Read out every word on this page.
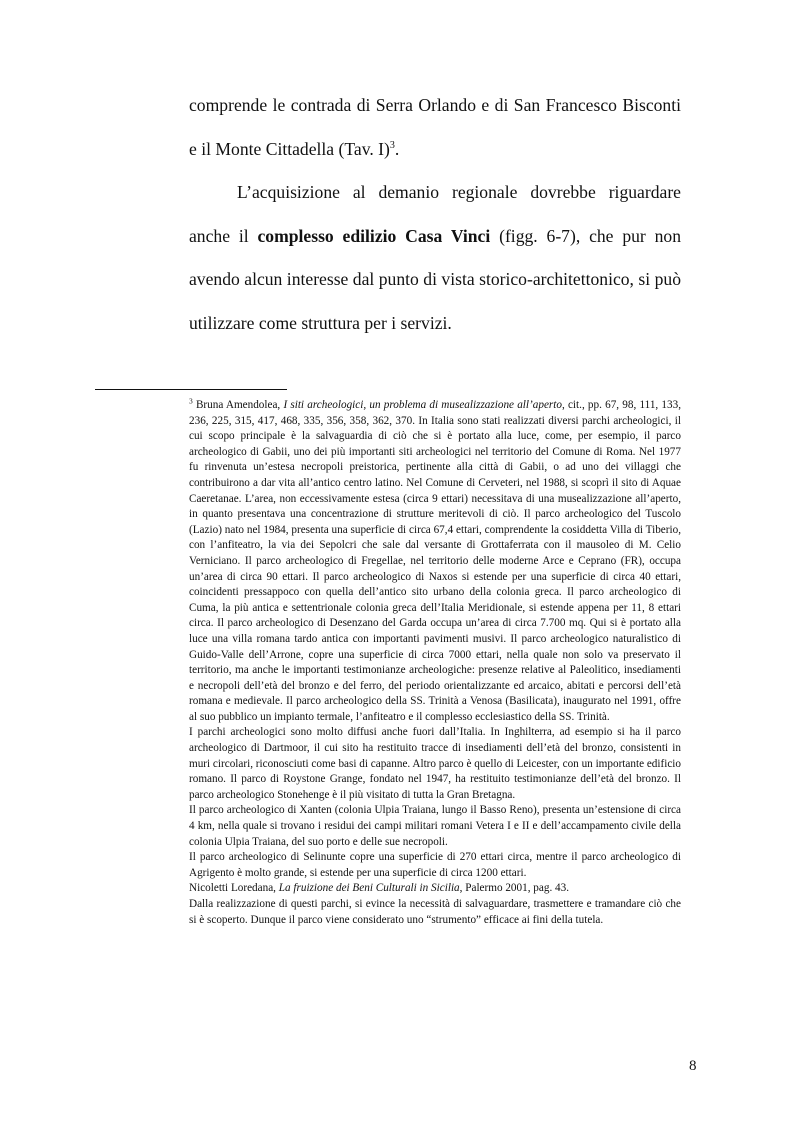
comprende le contrada di Serra Orlando e di San Francesco Bisconti e il Monte Cittadella (Tav. I)$^3$.

L’acquisizione al demanio regionale dovrebbe riguardare anche il complesso edilizio Casa Vinci (figg. 6-7), che pur non avendo alcun interesse dal punto di vista storico-architettonico, si può utilizzare come struttura per i servizi.

$^3$ Bruna Amendolea, I siti archeologici, un problema di musealizzazione all’aperto, cit., pp. 67, 98, 111, 133, 236, 225, 315, 417, 468, 335, 356, 358, 362, 370. In Italia sono stati realizzati diversi parchi archeologici, il cui scopo principale è la salvaguardia di ciò che si è portato alla luce, come, per esempio, il parco archeologico di Gabii, uno dei più importanti siti archeologici nel territorio del Comune di Roma. Nel 1977 fu rinvenuta un’estesa necropoli preistorica, pertinente alla città di Gabii, o ad uno dei villaggi che contribuirono a dar vita all’antico centro latino. Nel Comune di Cerveteri, nel 1988, si scoprì il sito di Aquae Caeretanae. L’area, non eccessivamente estesa (circa 9 ettari) necessitava di una musealizzazione all’aperto, in quanto presentava una concentrazione di strutture meritevoli di ciò. Il parco archeologico del Tuscolo (Lazio) nato nel 1984, presenta una superficie di circa 67,4 ettari, comprendente la cosiddetta Villa di Tiberio, con l’anfiteatro, la via dei Sepolcri che sale dal versante di Grottaferrata con il mausoleo di M. Celio Verniciano. Il parco archeologico di Fregellae, nel territorio delle moderne Arce e Ceprano (FR), occupa un’area di circa 90 ettari. Il parco archeologico di Naxos si estende per una superficie di circa 40 ettari, coincidenti pressappoco con quella dell’antico sito urbano della colonia greca. Il parco archeologico di Cuma, la più antica e settentrionale colonia greca dell’Italia Meridionale, si estende appena per 11, 8 ettari circa. Il parco archeologico di Desenzano del Garda occupa un’area di circa 7.700 mq. Qui si è portato alla luce una villa romana tardo antica con importanti pavimenti musivi. Il parco archeologico naturalistico di Guido-Valle dell’Arrone, copre una superficie di circa 7000 ettari, nella quale non solo va preservato il territorio, ma anche le importanti testimonianze archeologiche: presenze relative al Paleolitico, insediamenti e necropoli dell’età del bronzo e del ferro, del periodo orientalizzante ed arcaico, abitati e percorsi dell’età romana e medievale. Il parco archeologico della SS. Trinità a Venosa (Basilicata), inaugurato nel 1991, offre al suo pubblico un impianto termale, l’anfiteatro e il complesso ecclesiastico della SS. Trinità.

I parchi archeologici sono molto diffusi anche fuori dall’Italia. In Inghilterra, ad esempio si ha il parco archeologico di Dartmoor, il cui sito ha restituito tracce di insediamenti dell’età del bronzo, consistenti in muri circolari, riconosciuti come basi di capanne. Altro parco è quello di Leicester, con un importante edificio romano. Il parco di Roystone Grange, fondato nel 1947, ha restituito testimonianze dell’età del bronzo. Il parco archeologico Stonehenge è il più visitato di tutta la Gran Bretagna.

Il parco archeologico di Xanten (colonia Ulpia Traiana, lungo il Basso Reno), presenta un’estensione di circa 4 km, nella quale si trovano i residui dei campi militari romani Vetera I e II e dell’accampamento civile della colonia Ulpia Traiana, del suo porto e delle sue necropoli.

Il parco archeologico di Selinunte copre una superficie di 270 ettari circa, mentre il parco archeologico di Agrigento è molto grande, si estende per una superficie di circa 1200 ettari.

Nicoletti Loredana, La fruizione dei Beni Culturali in Sicilia, Palermo 2001, pag. 43.

Dalla realizzazione di questi parchi, si evince la necessità di salvaguardare, trasmettere e tramandare ciò che si è scoperto. Dunque il parco viene considerato uno “strumento” efficace ai fini della tutela.

8
